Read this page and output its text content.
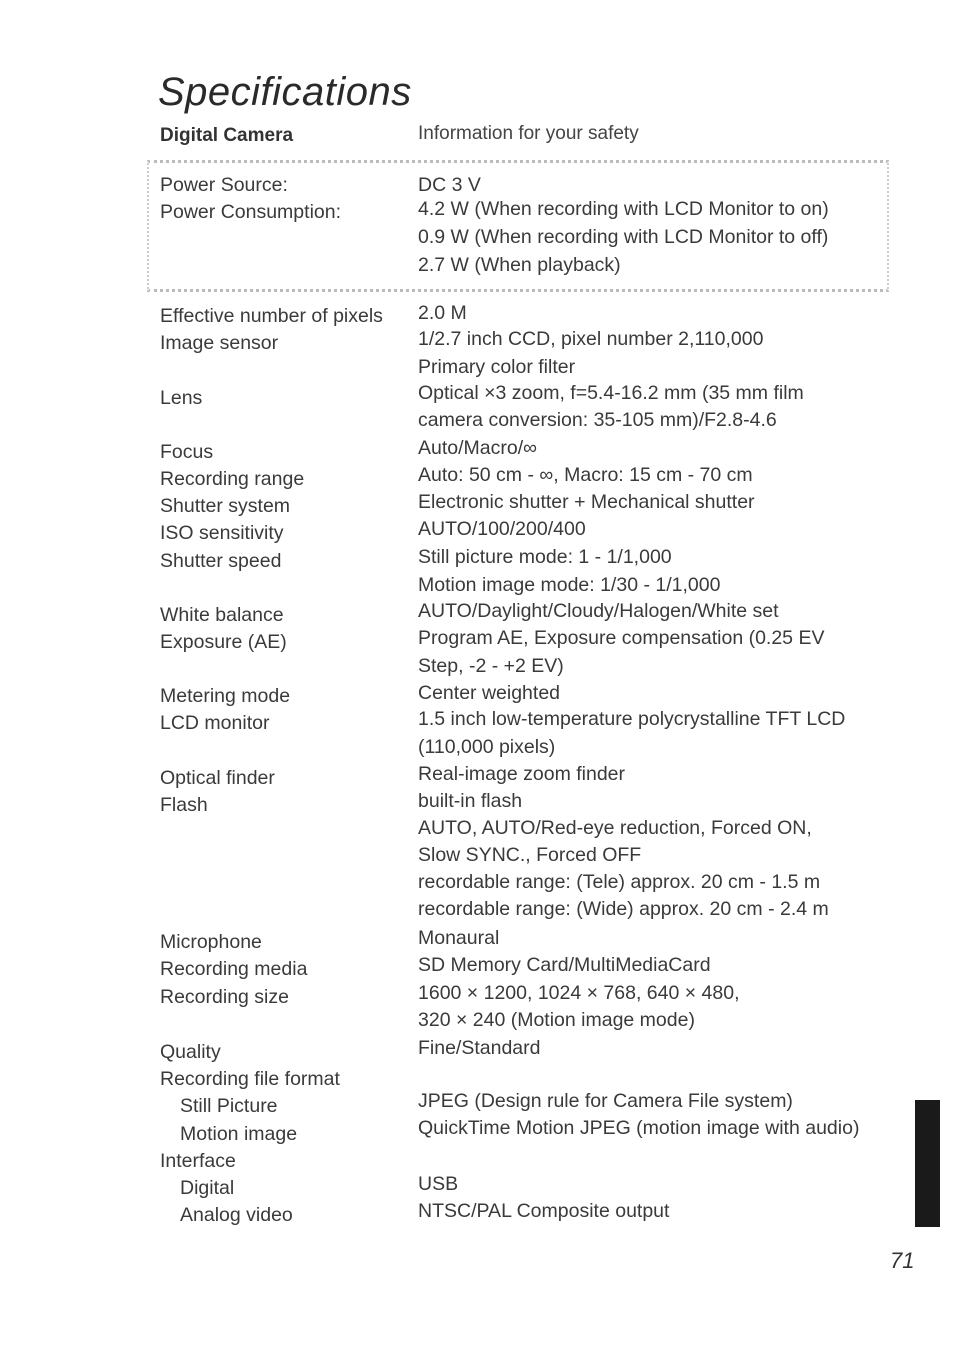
Specifications
Digital Camera	Information for your safety
Power Source:	DC 3 V
Power Consumption:	4.2 W (When recording with LCD Monitor to on)
0.9 W (When recording with LCD Monitor to off)
2.7 W (When playback)
Effective number of pixels 2.0 M
Image sensor	1/2.7 inch CCD, pixel number 2,110,000
Primary color filter
Lens	Optical ×3 zoom, f=5.4-16.2 mm (35 mm film
camera conversion: 35-105 mm)/F2.8-4.6
Focus	Auto/Macro/∞
Recording range	Auto: 50 cm - ∞, Macro: 15 cm - 70 cm
Shutter system	Electronic shutter + Mechanical shutter
ISO sensitivity	AUTO/100/200/400
Shutter speed	Still picture mode: 1 - 1/1,000
Motion image mode: 1/30 - 1/1,000
White balance	AUTO/Daylight/Cloudy/Halogen/White set
Exposure (AE)	Program AE, Exposure compensation (0.25 EV
Step, -2 - +2 EV)
Metering mode	Center weighted
LCD monitor	1.5 inch low-temperature polycrystalline TFT LCD
(110,000 pixels)
Optical finder	Real-image zoom finder
Flash	built-in flash
AUTO, AUTO/Red-eye reduction, Forced ON,
Slow SYNC., Forced OFF
recordable range: (Tele) approx. 20 cm - 1.5 m
recordable range: (Wide) approx. 20 cm - 2.4 m
Microphone	Monaural
Recording media	SD Memory Card/MultiMediaCard
Recording size	1600 × 1200, 1024 × 768, 640 × 480,
320 × 240 (Motion image mode)
Quality	Fine/Standard
Recording file format
Still Picture	JPEG (Design rule for Camera File system)
Motion image	QuickTime Motion JPEG (motion image with audio)
Interface
Digital	USB
Analog video	NTSC/PAL Composite output
71
